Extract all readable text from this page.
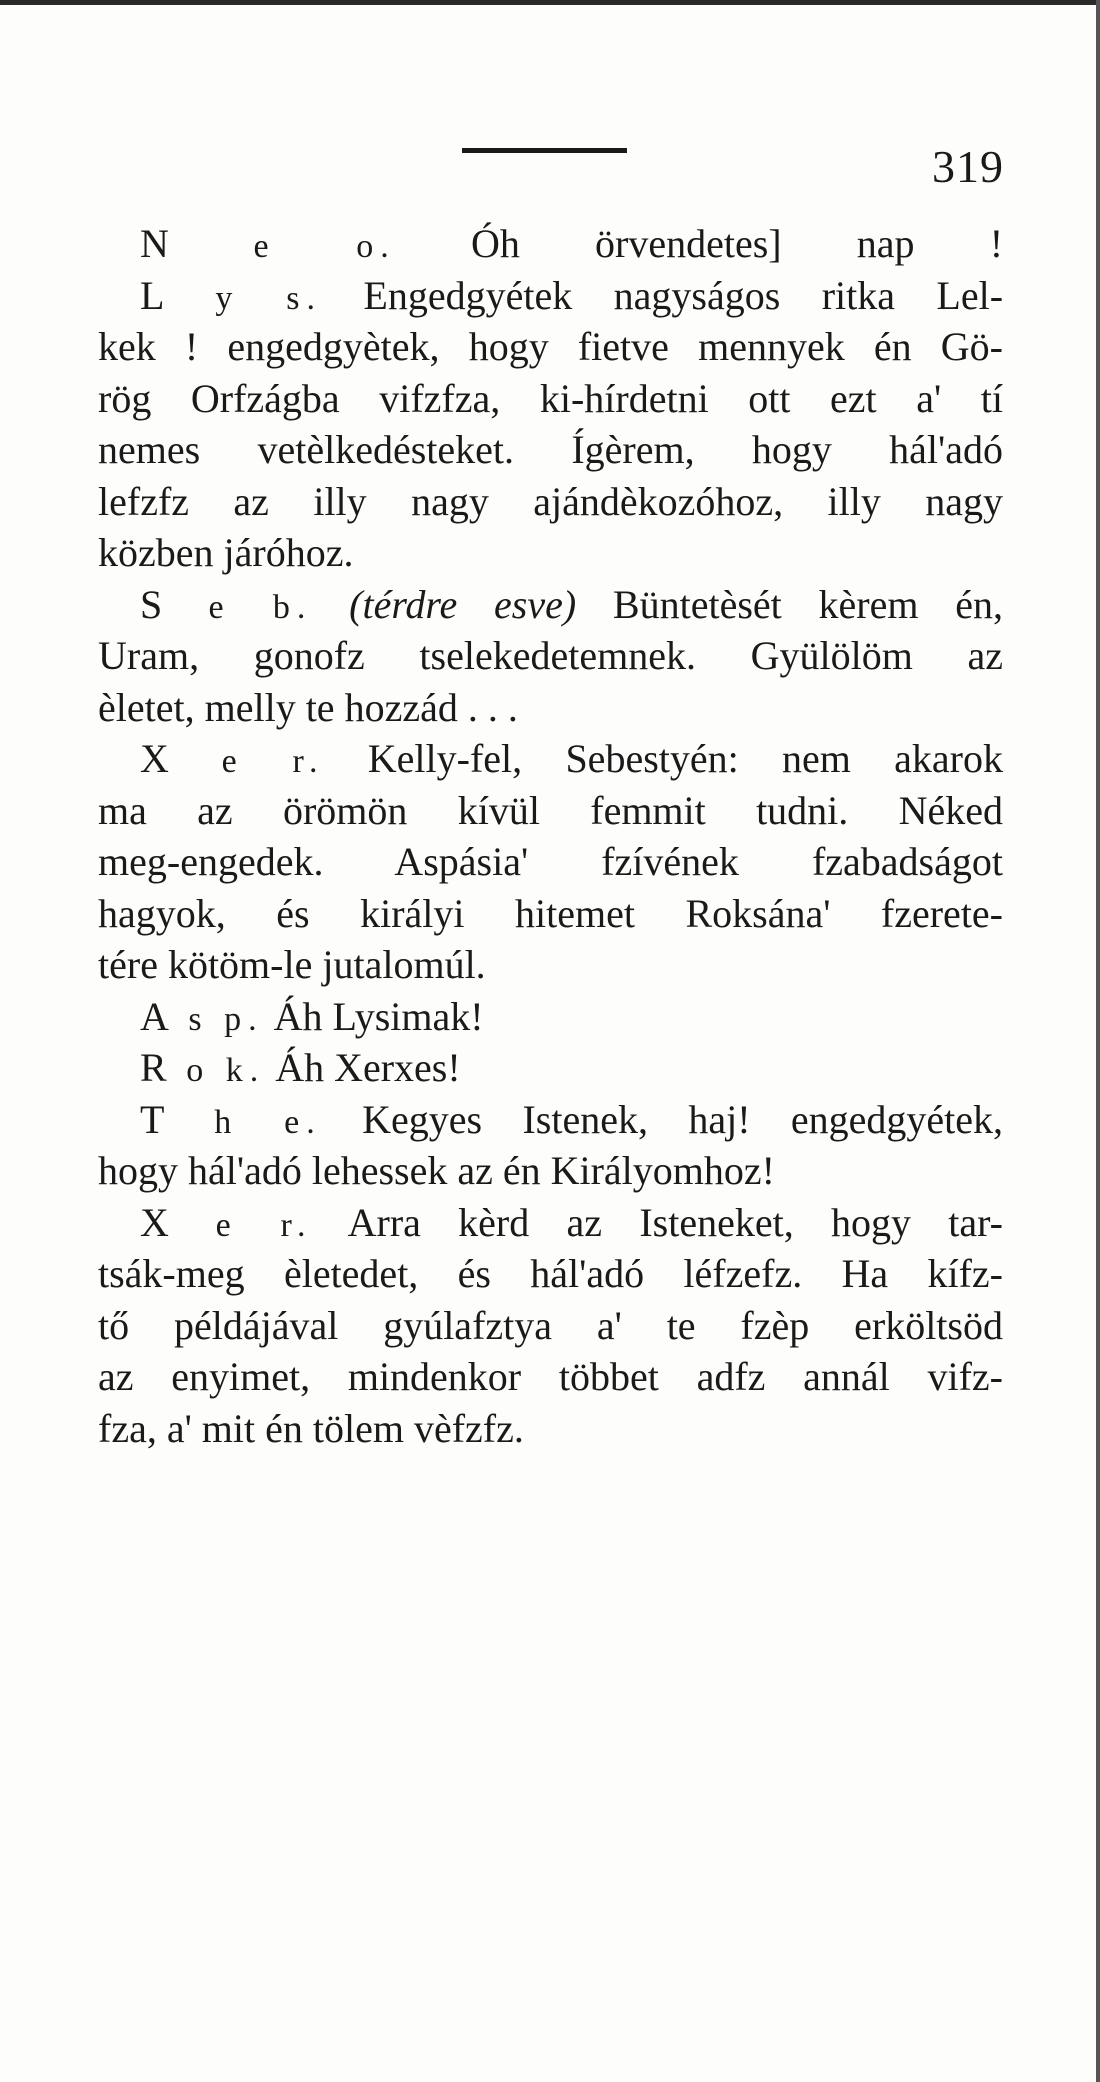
319
N e o. Óh örvendetes] nap !
L y s. Engedgyétek nagyságos ritka Lel-
kek ! engedgyètek, hogy fietve mennyek én Gö-
rög Orfzágba vifzfza, ki-hírdetni ott ezt a' tí
nemes vetèlkedésteket. Ígèrem, hogy hál'adó
lefzfz az illy nagy ajándèkozóhoz, illy nagy
közben járóhoz.
S e b. (térdre esve) Büntetèsét kèrem én,
Uram, gonofz tselekedetemnek. Gyülölöm az
èletet, melly te hozzád . . .
X e r. Kelly-fel, Sebestyén: nem akarok
ma az örömön kívül femmit tudni. Néked
meg-engedek. Aspásia' fzívének fzabadságot
hagyok, és királyi hitemet Roksána' fzerete-
tére kötöm-le jutalomúl.
A s p. Áh Lysimak!
R o k. Áh Xerxes!
T h e. Kegyes Istenek, haj! engedgyétek,
hogy hál'adó lehessek az én Királyomhoz!
X e r. Arra kèrd az Isteneket, hogy tar-
tsák-meg èletedet, és hál'adó léfzefz. Ha kífz-
tő példájával gyúlafztya a' te fzèp erköltsöd
az enyimet, mindenkor többet adfz annál vifz-
fza, a' mit én tölem vèfzfz.
